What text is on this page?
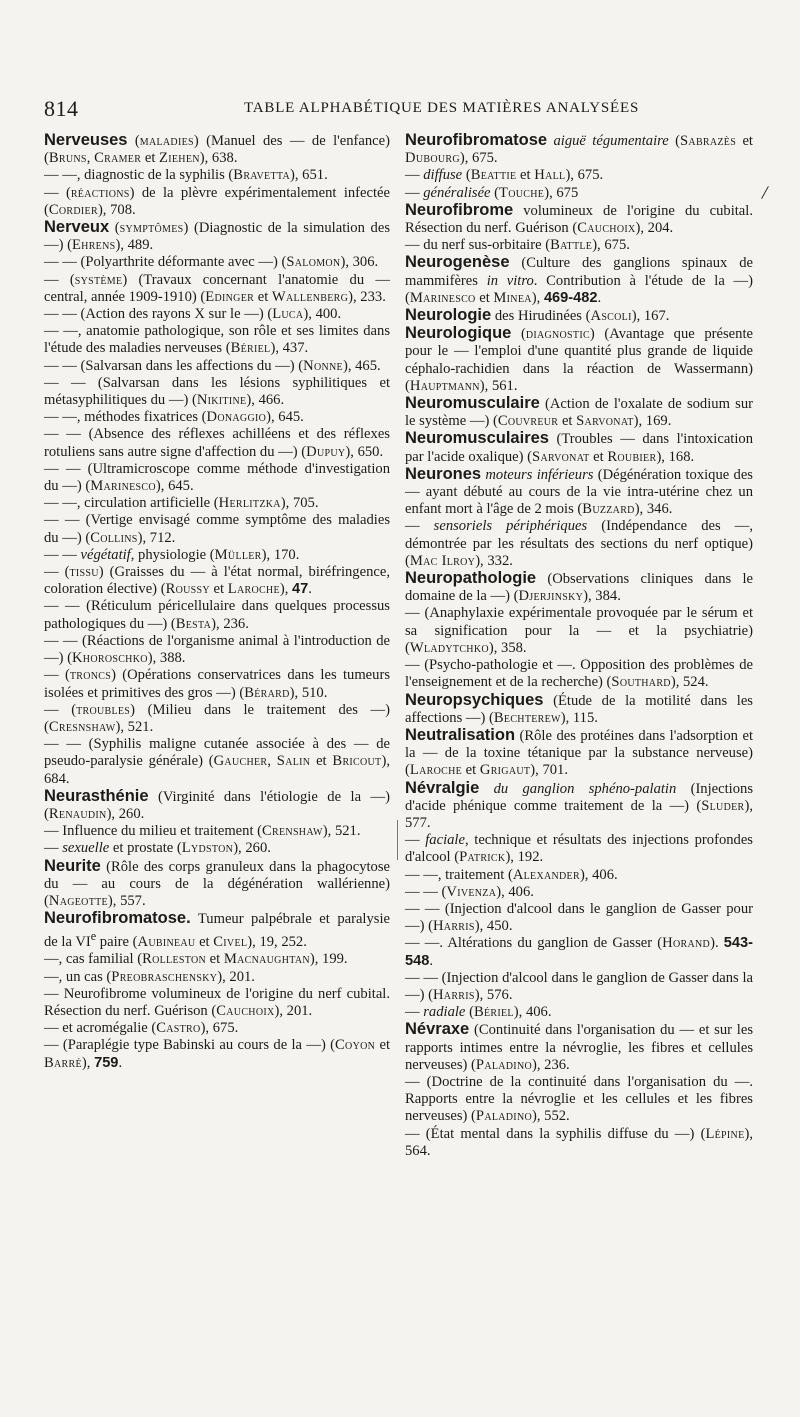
814	TABLE ALPHABÉTIQUE DES MATIÈRES ANALYSÉES
Nerveuses (maladies) (Manuel des — de l'enfance) (Bruns, Cramer et Ziehen), 638.
— —, diagnostic de la syphilis (Bravetta), 651.
— (réactions) de la plèvre expérimentalement infectée (Cordier), 708.
Nerveux (symptômes) (Diagnostic de la simulation des —) (Ehrens), 489.
— — (Polyarthrite déformante avec —) (Salomon), 306.
— (système) (Travaux concernant l'anatomie du — central, année 1909-1910) (Edinger et Wallenberg), 233.
— — (Action des rayons X sur le —) (Luca), 400.
— —, anatomie pathologique, son rôle et ses limites dans l'étude des maladies nerveuses (Bériel), 437.
— — (Salvarsan dans les affections du —) (Nonne), 465.
— — (Salvarsan dans les lésions syphilitiques et métasyphilitiques du —) (Nikitine), 466.
— —, méthodes fixatrices (Donaggio), 645.
— — (Absence des réflexes achilléens et des réflexes rotuliens sans autre signe d'affection du —) (Dupuy), 650.
— — (Ultramicroscope comme méthode d'investigation du —) (Marinesco), 645.
— —, circulation artificielle (Herlitzka), 705.
— — (Vertige envisagé comme symptôme des maladies du —) (Collins), 712.
— — végétatif, physiologie (Müller), 170.
— (tissu) (Graisses du — à l'état normal, biréfringence, coloration élective) (Roussy et Laroche), 47.
— — (Réticulum péricellulaire dans quelques processus pathologiques du —) (Besta), 236.
— — (Réactions de l'organisme animal à l'introduction de —) (Khoroschko), 388.
— (troncs) (Opérations conservatrices dans les tumeurs isolées et primitives des gros —) (Bérard), 510.
— (troubles) (Milieu dans le traitement des —) (Cresnshaw), 521.
— — (Syphilis maligne cutanée associée à des — de pseudo-paralysie générale) (Gaucher, Salin et Bricout), 684.
Neurasthénie (Virginité dans l'étiologie de la —) (Renaudin), 260.
— Influence du milieu et traitement (Crenshaw), 521.
— sexuelle et prostate (Lydston), 260.
Neurite (Rôle des corps granuleux dans la phagocytose du — au cours de la dégénération wallérienne) (Nageotte), 557.
Neurofibromatose. Tumeur palpébrale et paralysie de la VIe paire (Aubineau et Civel), 19, 252.
—, cas familial (Rolleston et Macnaughtan), 199.
—, un cas (Preobraschensky), 201.
— Neurofibrome volumineux de l'origine du nerf cubital. Résection du nerf. Guérison (Cauchoix), 201.
— et acromégalie (Castro), 675.
— (Paraplégie type Babinski au cours de la —) (Coyon et Barré), 759.
Neurofibromatose aiguë tégumentaire (Sabrazès et Dubourg), 675.
— diffuse (Beattie et Hall), 675.
— généralisée (Touche), 675
Neurofibrome volumineux de l'origine du cubital. Résection du nerf. Guérison (Cauchoix), 204.
— du nerf sus-orbitaire (Battle), 675.
Neurogenèse (Culture des ganglions spinaux de mammifères in vitro. Contribution à l'étude de la —) (Marinesco et Minea), 469-482.
Neurologie des Hirudinées (Ascoli), 167.
Neurologique (diagnostic) (Avantage que présente pour le — l'emploi d'une quantité plus grande de liquide céphalo-rachidien dans la réaction de Wassermann) (Hauptmann), 561.
Neuromusculaire (Action de l'oxalate de sodium sur le système —) (Couvreur et Sarvonat), 169.
Neuromusculaires (Troubles — dans l'intoxication par l'acide oxalique) (Sarvonat et Roubier), 168.
Neurones moteurs inférieurs (Dégénération toxique des — ayant débuté au cours de la vie intra-utérine chez un enfant mort à l'âge de 2 mois (Buzzard), 346.
— sensoriels périphériques (Indépendance des —, démontrée par les résultats des sections du nerf optique) (Mac Ilroy), 332.
Neuropathologie (Observations cliniques dans le domaine de la —) (Djerjinsky), 384.
— (Anaphylaxie expérimentale provoquée par le sérum et sa signification pour la — et la psychiatrie) (Wladytchko), 358.
— (Psycho-pathologie et —. Opposition des problèmes de l'enseignement et de la recherche) (Southard), 524.
Neuropsychiques (Étude de la motilité dans les affections —) (Bechterew), 115.
Neutralisation (Rôle des protéines dans l'adsorption et la — de la toxine tétanique par la substance nerveuse) (Laroche et Grigaut), 701.
Névralgie du ganglion sphéno-palatin (Injections d'acide phénique comme traitement de la —) (Sluder), 577.
— faciale, technique et résultats des injections profondes d'alcool (Patrick), 192.
— —, traitement (Alexander), 406.
— — (Vivenza), 406.
— — (Injection d'alcool dans le ganglion de Gasser pour —) (Harris), 450.
— —. Altérations du ganglion de Gasser (Horand). 543-548.
— — (Injection d'alcool dans le ganglion de Gasser dans la —) (Harris), 576.
— radiale (Bériel), 406.
Névraxe (Continuité dans l'organisation du — et sur les rapports intimes entre la névroglie, les fibres et cellules nerveuses) (Paladino), 236.
— (Doctrine de la continuité dans l'organisation du —. Rapports entre la névroglie et les cellules et les fibres nerveuses) (Paladino), 552.
— (État mental dans la syphilis diffuse du —) (Lépine), 564.
/
